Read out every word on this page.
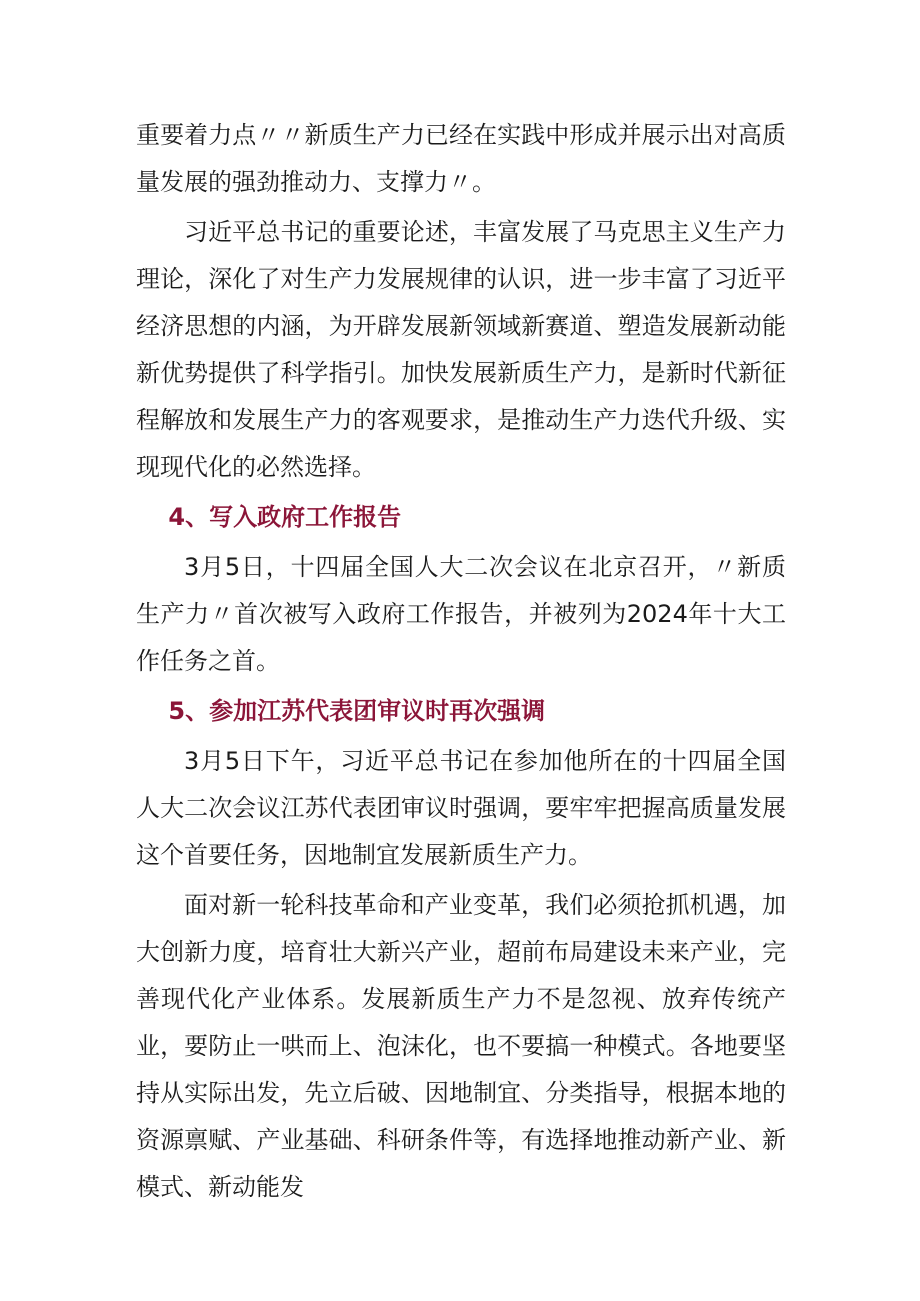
重要着力点〃〃新质生产力已经在实践中形成并展示出对高质量发展的强劲推动力、支撑力〃。

习近平总书记的重要论述，丰富发展了马克思主义生产力理论，深化了对生产力发展规律的认识，进一步丰富了习近平经济思想的内涵，为开辟发展新领域新赛道、塑造发展新动能新优势提供了科学指引。加快发展新质生产力，是新时代新征程解放和发展生产力的客观要求，是推动生产力迭代升级、实现现代化的必然选择。

4、写入政府工作报告

3月5日，十四届全国人大二次会议在北京召开，〃新质生产力〃首次被写入政府工作报告，并被列为2024年十大工作任务之首。

5、参加江苏代表团审议时再次强调

3月5日下午，习近平总书记在参加他所在的十四届全国人大二次会议江苏代表团审议时强调，要牢牢把握高质量发展这个首要任务，因地制宜发展新质生产力。

面对新一轮科技革命和产业变革，我们必须抢抓机遇，加大创新力度，培育壮大新兴产业，超前布局建设未来产业，完善现代化产业体系。发展新质生产力不是忽视、放弃传统产业，要防止一哄而上、泡沫化，也不要搞一种模式。各地要坚持从实际出发，先立后破、因地制宜、分类指导，根据本地的资源禀赋、产业基础、科研条件等，有选择地推动新产业、新模式、新动能发
